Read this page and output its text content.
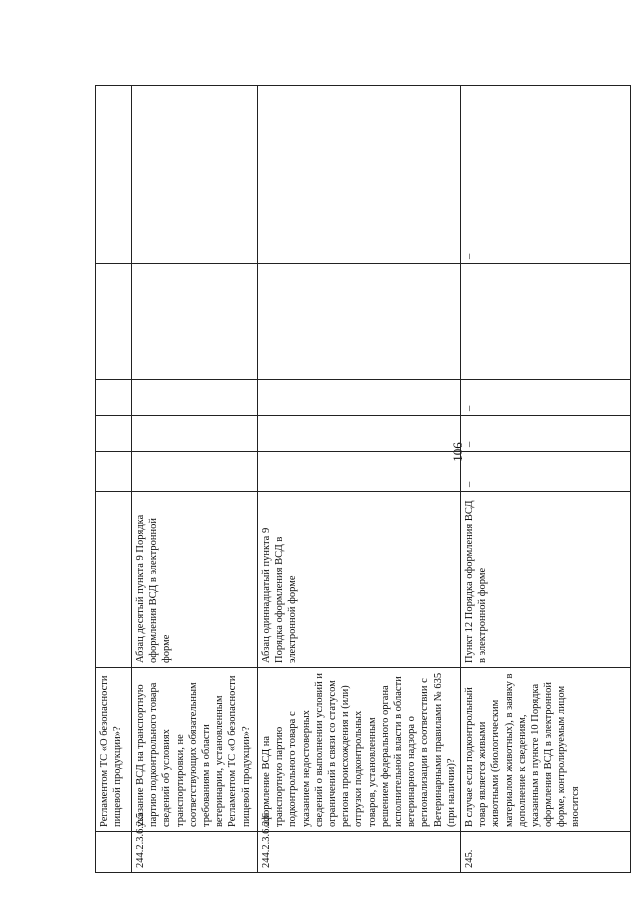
106
	Регламентом ТС «О безопасности пищевой продукции»?						
244.2.3.6.2.5	указание ВСД на транспортную партию подконтрольного товара сведений об условиях транспортировки, не соответствующих обязательным требованиям в области ветеринарии, установленным Регламентом ТС «О безопасности пищевой продукции»?	Абзац десятый пункта 9 Порядка оформления ВСД в электронной форме					
244.2.3.6.2.6	оформление ВСД на транспортную партию подконтрольного товара с указанием недостоверных сведений о выполнении условий и ограничений в связи со статусом региона происхождения и (или) отгрузки подконтрольных товаров, установленным решением федерального органа исполнительной власти в области ветеринарного надзора о регионализации в соответствии с Ветеринарными правилами № 635 (при наличии)?	Абзац одиннадцатый пункта 9 Порядка оформления ВСД в электронной форме					
245.	В случае если подконтрольный товар является живыми животными (биологическим материалом животных), в заявку в дополнение к сведениям, указанным в пункте 10 Порядка оформления ВСД в электронной форме, контролируемым лицом вносится	Пункт 12 Порядка оформления ВСД в электронной форме	–	–	–		–
